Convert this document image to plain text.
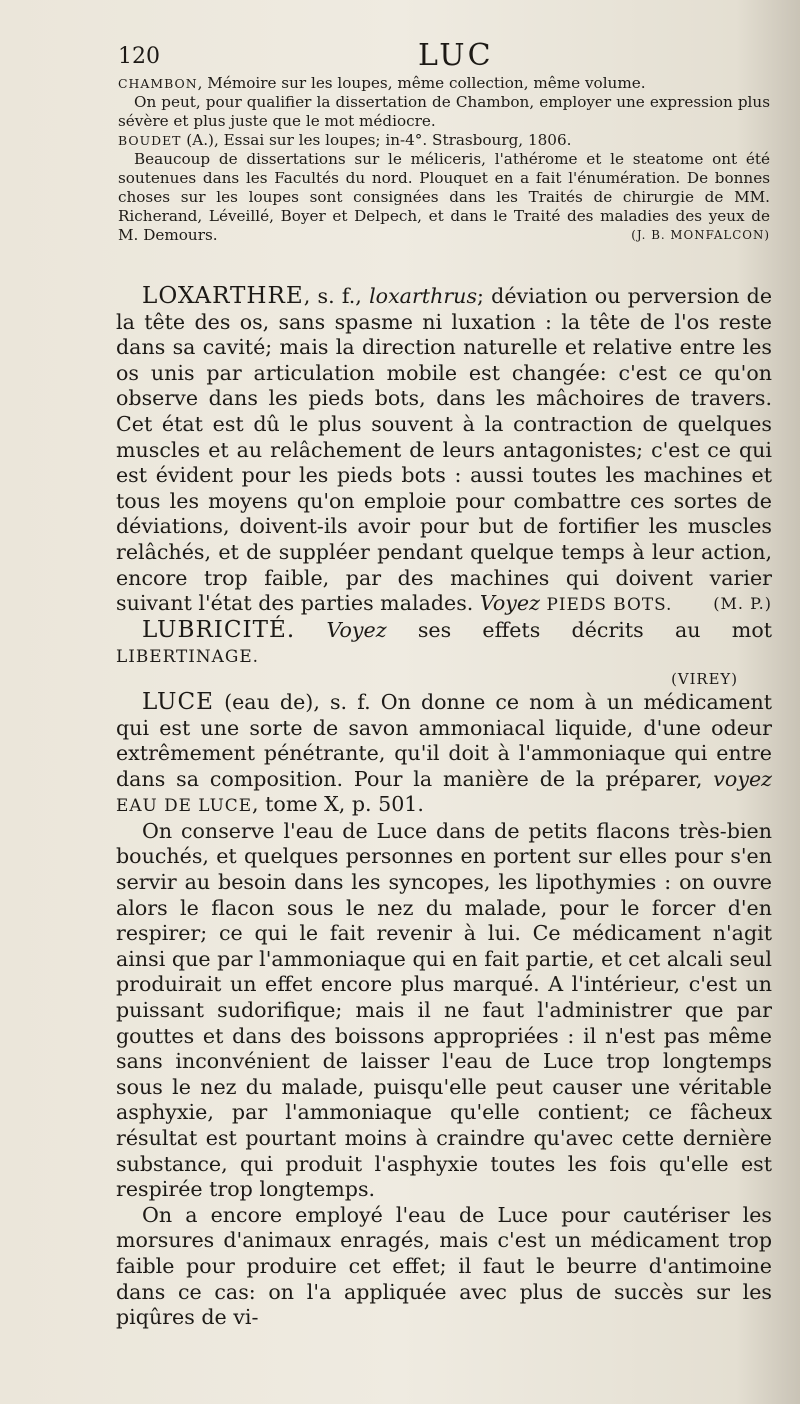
120	LUC

CHAMBON, Mémoire sur les loupes, même collection, même volume.

On peut, pour qualifier la dissertation de Chambon, employer une expression plus sévère et plus juste que le mot médiocre.

BOUDET (A.), Essai sur les loupes; in-4°. Strasbourg, 1806.

Beaucoup de dissertations sur le méliceris, l'athérome et le steatome ont été soutenues dans les Facultés du nord. Plouquet en a fait l'énumération. De bonnes choses sur les loupes sont consignées dans les Traités de chirurgie de MM. Richerand, Léveillé, Boyer et Delpech, et dans le Traité des maladies des yeux de M. Demours.	(J. B. MONFALCON)

LOXARTHRE, s. f., loxarthrus; déviation ou perversion de la tête des os, sans spasme ni luxation : la tête de l'os reste dans sa cavité; mais la direction naturelle et relative entre les os unis par articulation mobile est changée: c'est ce qu'on observe dans les pieds bots, dans les mâchoires de travers. Cet état est dû le plus souvent à la contraction de quelques muscles et au relâchement de leurs antagonistes; c'est ce qui est évident pour les pieds bots : aussi toutes les machines et tous les moyens qu'on emploie pour combattre ces sortes de déviations, doivent-ils avoir pour but de fortifier les muscles relâchés, et de suppléer pendant quelque temps à leur action, encore trop faible, par des machines qui doivent varier suivant l'état des parties malades. Voyez PIEDS BOTS.	(M. P.)

LUBRICITÉ. Voyez ses effets décrits au mot LIBERTINAGE.

(VIREY)

LUCE (eau de), s. f. On donne ce nom à un médicament qui est une sorte de savon ammoniacal liquide, d'une odeur extrêmement pénétrante, qu'il doit à l'ammoniaque qui entre dans sa composition. Pour la manière de la préparer, voyez EAU DE LUCE, tome X, p. 501.

On conserve l'eau de Luce dans de petits flacons très-bien bouchés, et quelques personnes en portent sur elles pour s'en servir au besoin dans les syncopes, les lipothymies : on ouvre alors le flacon sous le nez du malade, pour le forcer d'en respirer; ce qui le fait revenir à lui. Ce médicament n'agit ainsi que par l'ammoniaque qui en fait partie, et cet alcali seul produirait un effet encore plus marqué. A l'intérieur, c'est un puissant sudorifique; mais il ne faut l'administrer que par gouttes et dans des boissons appropriées : il n'est pas même sans inconvénient de laisser l'eau de Luce trop longtemps sous le nez du malade, puisqu'elle peut causer une véritable asphyxie, par l'ammoniaque qu'elle contient; ce fâcheux résultat est pourtant moins à craindre qu'avec cette dernière substance, qui produit l'asphyxie toutes les fois qu'elle est respirée trop longtemps.

On a encore employé l'eau de Luce pour cautériser les morsures d'animaux enragés, mais c'est un médicament trop faible pour produire cet effet; il faut le beurre d'antimoine dans ce cas: on l'a appliquée avec plus de succès sur les piqûres de vi-
